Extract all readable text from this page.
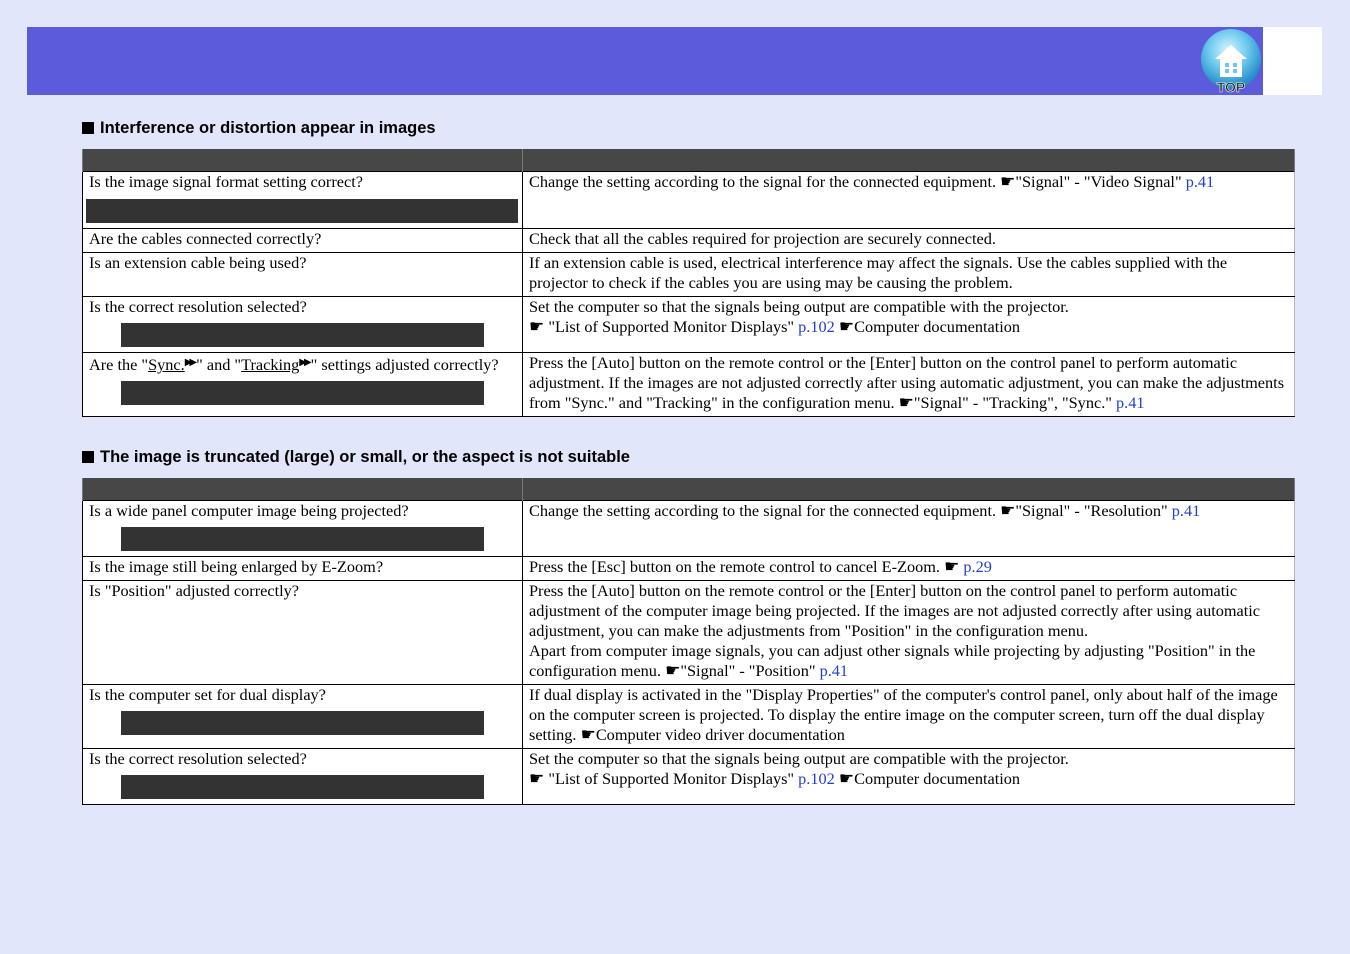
TOP
Interference or distortion appear in images

Is the image signal format setting correct?	Change the setting according to the signal for the connected equipment. ☛"Signal" - "Video Signal" p.41

Are the cables connected correctly?	Check that all the cables required for projection are securely connected.

Is an extension cable being used?	If an extension cable is used, electrical interference may affect the signals. Use the cables supplied with the projector to check if the cables you are using may be causing the problem.

Is the correct resolution selected?	Set the computer so that the signals being output are compatible with the projector.
☛ "List of Supported Monitor Displays" p.102 ☛Computer documentation

Are the "Sync.▶▶ " and "Tracking▶▶ " settings adjusted correctly?	Press the [Auto] button on the remote control or the [Enter] button on the control panel to perform automatic adjustment. If the images are not adjusted correctly after using automatic adjustment, you can make the adjustments from "Sync." and "Tracking" in the configuration menu. ☛"Signal" - "Tracking", "Sync." p.41
The image is truncated (large) or small, or the aspect is not suitable

Is a wide panel computer image being projected?	Change the setting according to the signal for the connected equipment. ☛"Signal" - "Resolution" p.41

Is the image still being enlarged by E-Zoom?	Press the [Esc] button on the remote control to cancel E-Zoom. ☛ p.29

Is "Position" adjusted correctly?	Press the [Auto] button on the remote control or the [Enter] button on the control panel to perform automatic adjustment of the computer image being projected. If the images are not adjusted correctly after using automatic adjustment, you can make the adjustments from "Position" in the configuration menu.
Apart from computer image signals, you can adjust other signals while projecting by adjusting "Position" in the configuration menu. ☛"Signal" - "Position" p.41

Is the computer set for dual display?	If dual display is activated in the "Display Properties" of the computer's control panel, only about half of the image on the computer screen is projected. To display the entire image on the computer screen, turn off the dual display setting. ☛Computer video driver documentation

Is the correct resolution selected?	Set the computer so that the signals being output are compatible with the projector.
☛ "List of Supported Monitor Displays" p.102 ☛Computer documentation
